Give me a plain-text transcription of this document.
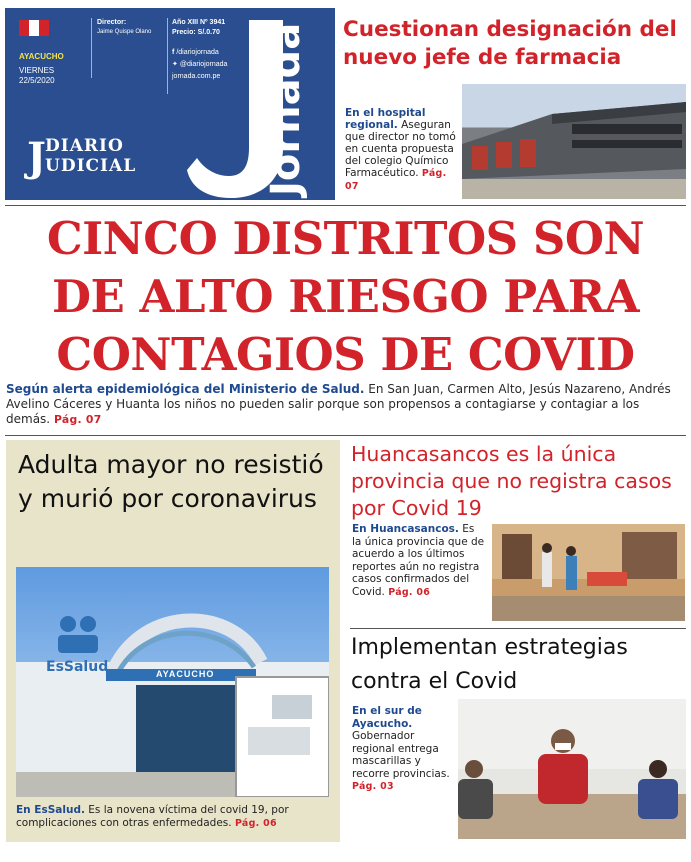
AYACUCHO
VIERNES
22/5/2020
Director:
Jaime Quispe Olano
Año XIII Nº 3941
Precio: S/.0.70
f /diariojornada
✦ @diariojornada
jornada.com.pe
J DIARIO
UDICIAL	Jornada Cuestionan designación del nuevo jefe de farmacia
En el hospital regional. Aseguran que director no tomó en cuenta propuesta del colegio Químico Farmacéutico. Pág. 07
CINCO DISTRITOS SON
DE ALTO RIESGO PARA
CONTAGIOS DE COVID
Según alerta epidemiológica del Ministerio de Salud. En San Juan, Carmen Alto, Jesús Nazareno, Andrés Avelino Cáceres y Huanta los niños no pueden salir porque son propensos a contagiarse y contagiar a los demás. Pág. 07
Adulta mayor no resistió y murió por coronavirus
EsSalud	AYACUCHO
En EsSalud. Es la novena víctima del covid 19, por complicaciones con otras enfermedades. Pág. 06
Huancasancos es la única provincia que no registra casos por Covid 19
En Huancasancos. Es la única provincia que de acuerdo a los últimos reportes aún no registra casos confirmados del Covid. Pág. 06
Implementan estrategias contra el Covid
En el sur de Ayacucho. Gobernador regional entrega mascarillas y recorre provincias. Pág. 03
